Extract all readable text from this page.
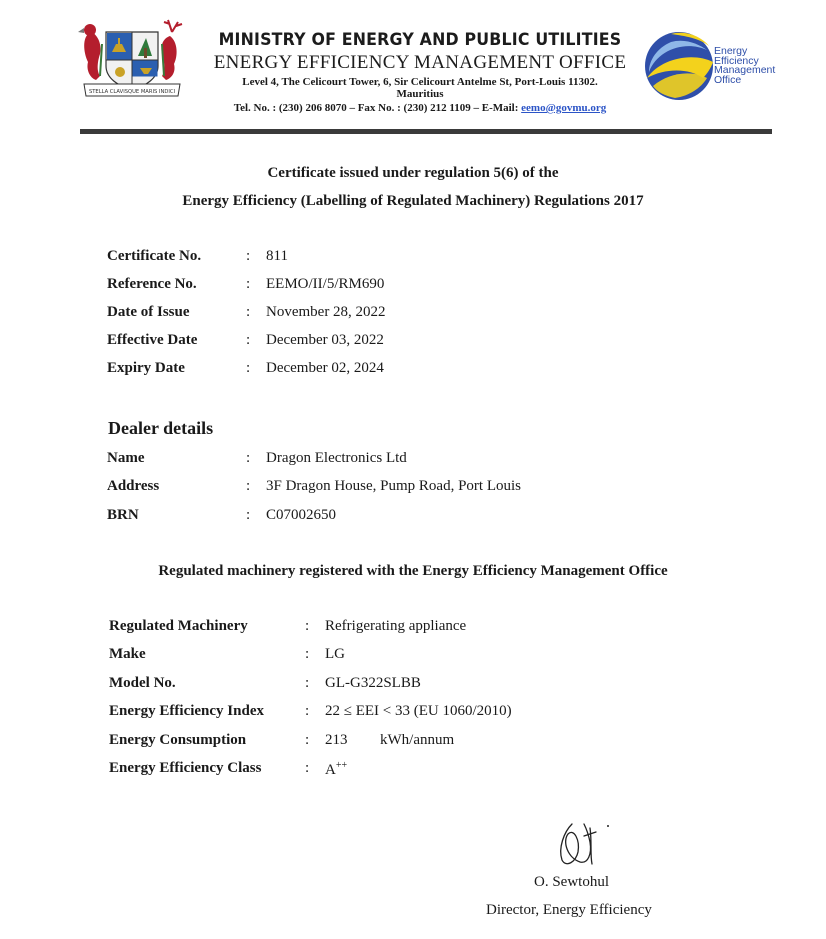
STELLA CLAVISQUE MARIS INDICI
MINISTRY OF ENERGY AND PUBLIC UTILITIES
ENERGY EFFICIENCY MANAGEMENT OFFICE
Level 4, The Celicourt Tower, 6, Sir Celicourt Antelme St, Port-Louis 11302.
Mauritius
Tel. No. : (230) 206 8070 – Fax No. : (230) 212 1109 – E-Mail: eemo@govmu.org
Energy
Efficiency
Management
Office
Certificate issued under regulation 5(6) of the
Energy Efficiency (Labelling of Regulated Machinery) Regulations 2017
Certificate No.	: 811
Reference No.	: EEMO/II/5/RM690
Date of Issue	: November 28, 2022
Effective Date	: December 03, 2022
Expiry Date	: December 02, 2024
Dealer details
Name	: Dragon Electronics Ltd
Address	: 3F Dragon House, Pump Road, Port Louis
BRN	: C07002650
Regulated machinery registered with the Energy Efficiency Management Office
Regulated Machinery	: Refrigerating appliance
Make	: LG
Model No.	: GL-G322SLBB
Energy Efficiency Index	: 22 ≤ EEI < 33 (EU 1060/2010)
Energy Consumption	: 213 kWh/annum
Energy Efficiency Class	: A++
O. Sewtohul
Director, Energy Efficiency
